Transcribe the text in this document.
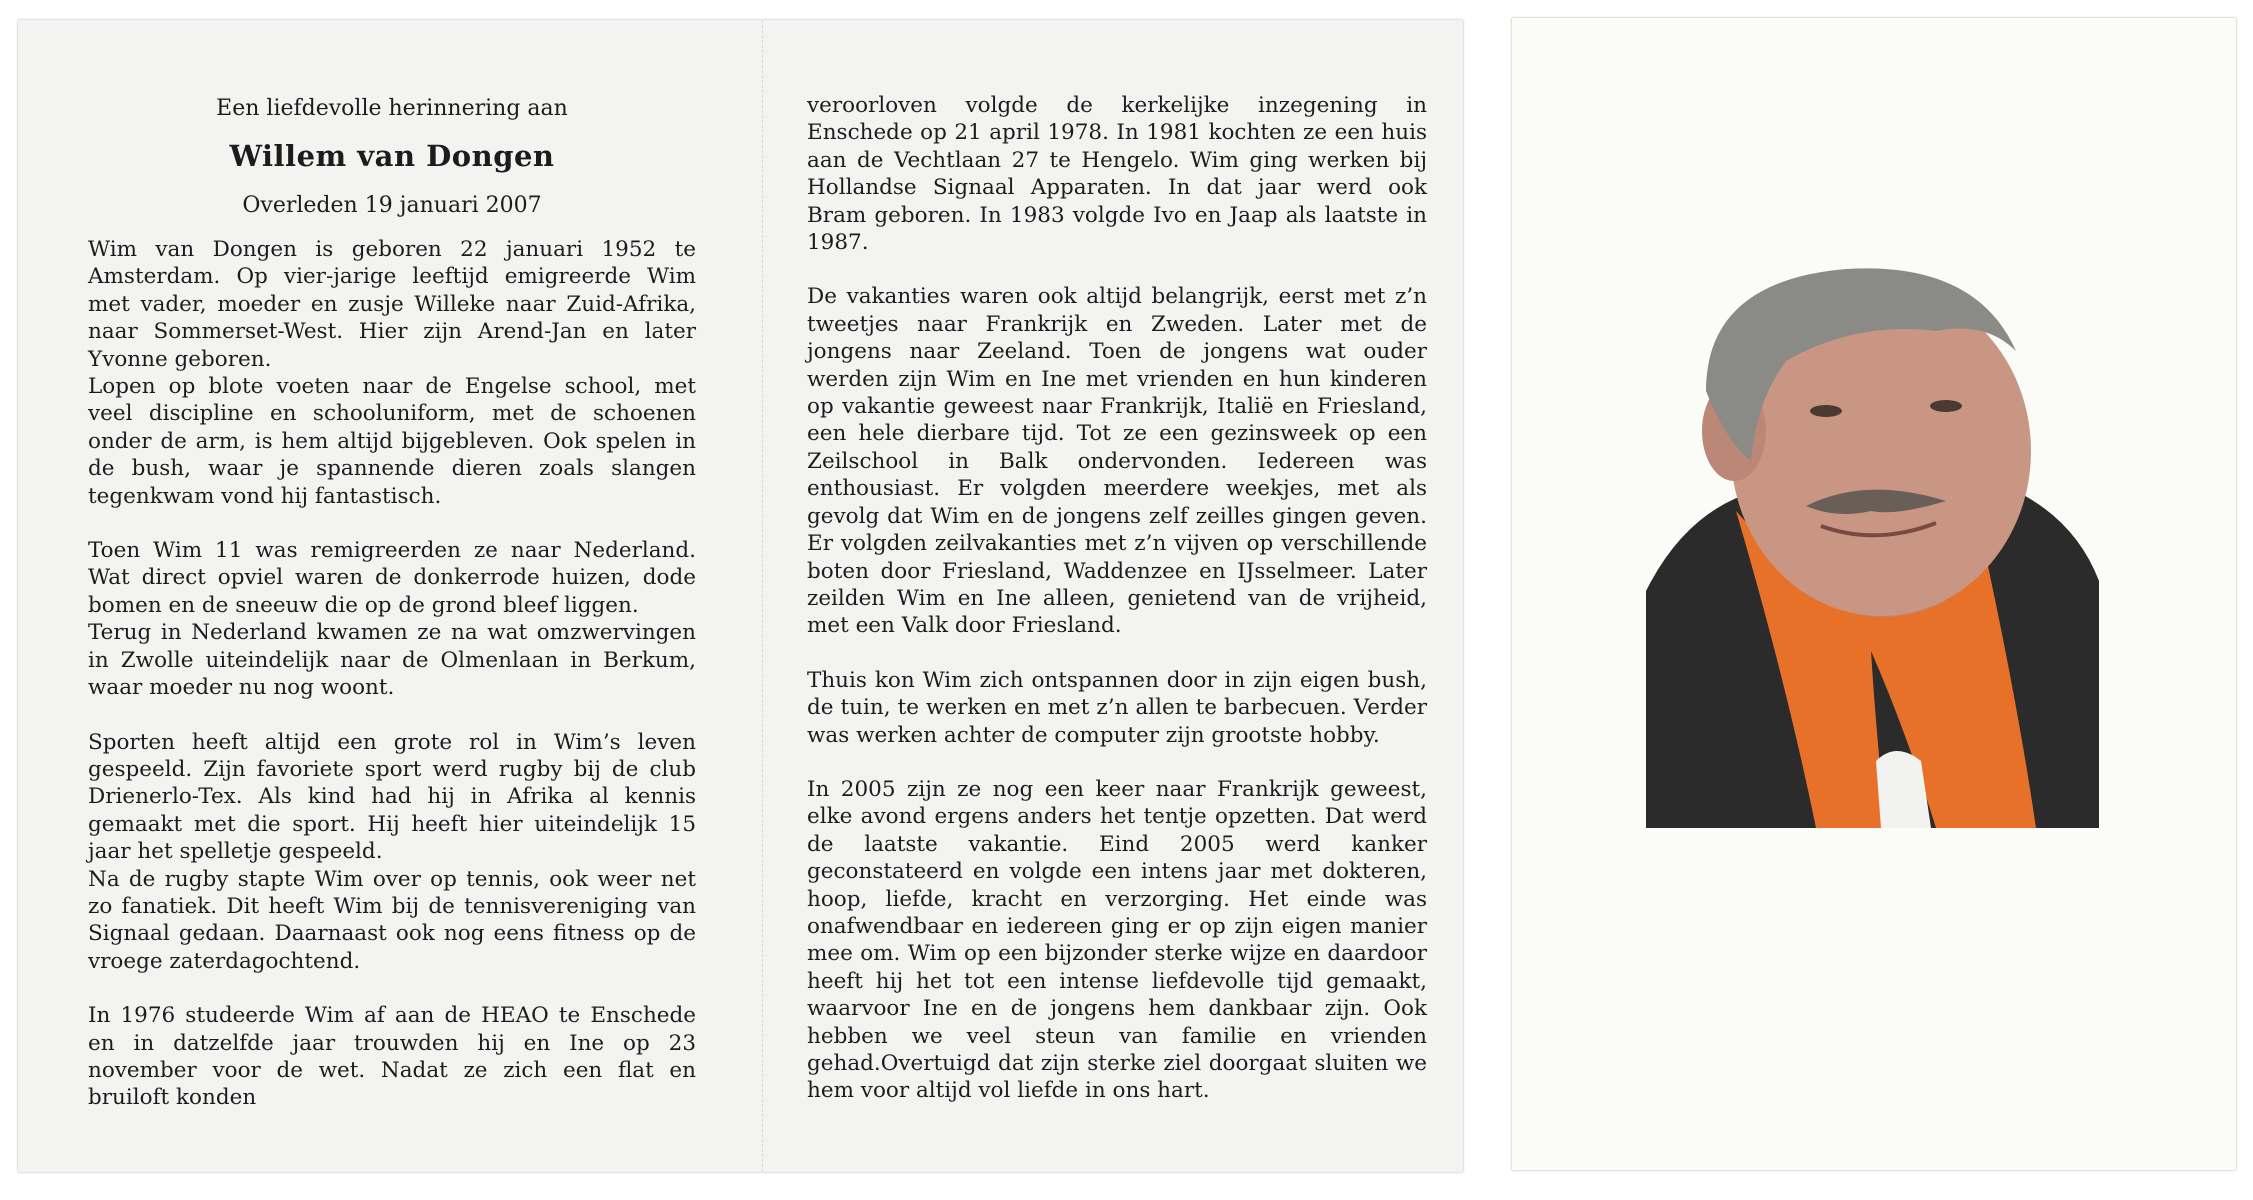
Een liefdevolle herinnering aan

Willem van Dongen

Overleden 19 januari 2007

Wim van Dongen is geboren 22 januari 1952 te Amsterdam. Op vier-jarige leeftijd emigreerde Wim met vader, moeder en zusje Willeke naar Zuid-Afrika, naar Sommerset-West. Hier zijn Arend-Jan en later Yvonne geboren.

Lopen op blote voeten naar de Engelse school, met veel discipline en schooluniform, met de schoenen onder de arm, is hem altijd bijgebleven. Ook spelen in de bush, waar je spannende dieren zoals slangen tegenkwam vond hij fantastisch.

Toen Wim 11 was remigreerden ze naar Nederland. Wat direct opviel waren de donkerrode huizen, dode bomen en de sneeuw die op de grond bleef liggen.

Terug in Nederland kwamen ze na wat omzwervingen in Zwolle uiteindelijk naar de Olmenlaan in Berkum, waar moeder nu nog woont.

Sporten heeft altijd een grote rol in Wim’s leven gespeeld. Zijn favoriete sport werd rugby bij de club Drienerlo-Tex. Als kind had hij in Afrika al kennis gemaakt met die sport. Hij heeft hier uiteindelijk 15 jaar het spelletje gespeeld.

Na de rugby stapte Wim over op tennis, ook weer net zo fanatiek. Dit heeft Wim bij de tennisvereniging van Signaal gedaan. Daarnaast ook nog eens fitness op de vroege zaterdagochtend.

In 1976 studeerde Wim af aan de HEAO te Enschede en in datzelfde jaar trouwden hij en Ine op 23 november voor de wet. Nadat ze zich een flat en bruiloft konden

veroorloven volgde de kerkelijke inzegening in Enschede op 21 april 1978. In 1981 kochten ze een huis aan de Vechtlaan 27 te Hengelo. Wim ging werken bij Hollandse Signaal Apparaten. In dat jaar werd ook Bram geboren. In 1983 volgde Ivo en Jaap als laatste in 1987.

De vakanties waren ook altijd belangrijk, eerst met z’n tweetjes naar Frankrijk en Zweden. Later met de jongens naar Zeeland. Toen de jongens wat ouder werden zijn Wim en Ine met vrienden en hun kinderen op vakantie geweest naar Frankrijk, Italië en Friesland, een hele dierbare tijd. Tot ze een gezinsweek op een Zeilschool in Balk ondervonden. Iedereen was enthousiast. Er volgden meerdere weekjes, met als gevolg dat Wim en de jongens zelf zeilles gingen geven. Er volgden zeilvakanties met z’n vijven op verschillende boten door Friesland, Waddenzee en IJsselmeer. Later zeilden Wim en Ine alleen, genietend van de vrijheid, met een Valk door Friesland.

Thuis kon Wim zich ontspannen door in zijn eigen bush, de tuin, te werken en met z’n allen te barbecuen. Verder was werken achter de computer zijn grootste hobby.

In 2005 zijn ze nog een keer naar Frankrijk geweest, elke avond ergens anders het tentje opzetten. Dat werd de laatste vakantie. Eind 2005 werd kanker geconstateerd en volgde een intens jaar met dokteren, hoop, liefde, kracht en verzorging. Het einde was onafwendbaar en iedereen ging er op zijn eigen manier mee om. Wim op een bijzonder sterke wijze en daardoor heeft hij het tot een intense liefdevolle tijd gemaakt, waarvoor Ine en de jongens hem dankbaar zijn. Ook hebben we veel steun van familie en vrienden gehad.Overtuigd dat zijn sterke ziel doorgaat sluiten we hem voor altijd vol liefde in ons hart.
